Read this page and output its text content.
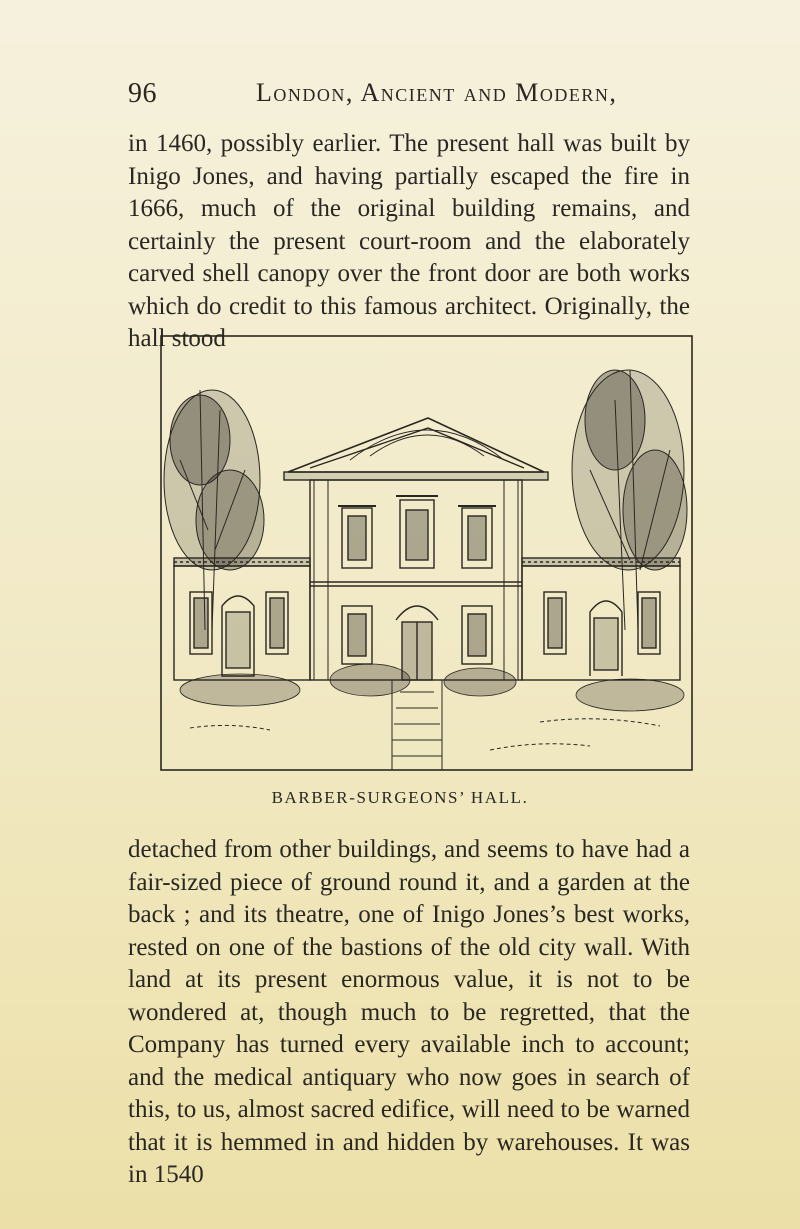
96	London, Ancient and Modern,

in 1460, possibly earlier. The present hall was built by Inigo Jones, and having partially escaped the fire in 1666, much of the original building remains, and certainly the present court-room and the elaborately carved shell canopy over the front door are both works which do credit to this famous architect. Originally, the hall stood

BARBER-SURGEONS’ HALL.

detached from other buildings, and seems to have had a fair-sized piece of ground round it, and a garden at the back ; and its theatre, one of Inigo Jones’s best works, rested on one of the bastions of the old city wall. With land at its present enormous value, it is not to be wondered at, though much to be regretted, that the Company has turned every available inch to account; and the medical antiquary who now goes in search of this, to us, almost sacred edifice, will need to be warned that it is hemmed in and hidden by warehouses. It was in 1540
